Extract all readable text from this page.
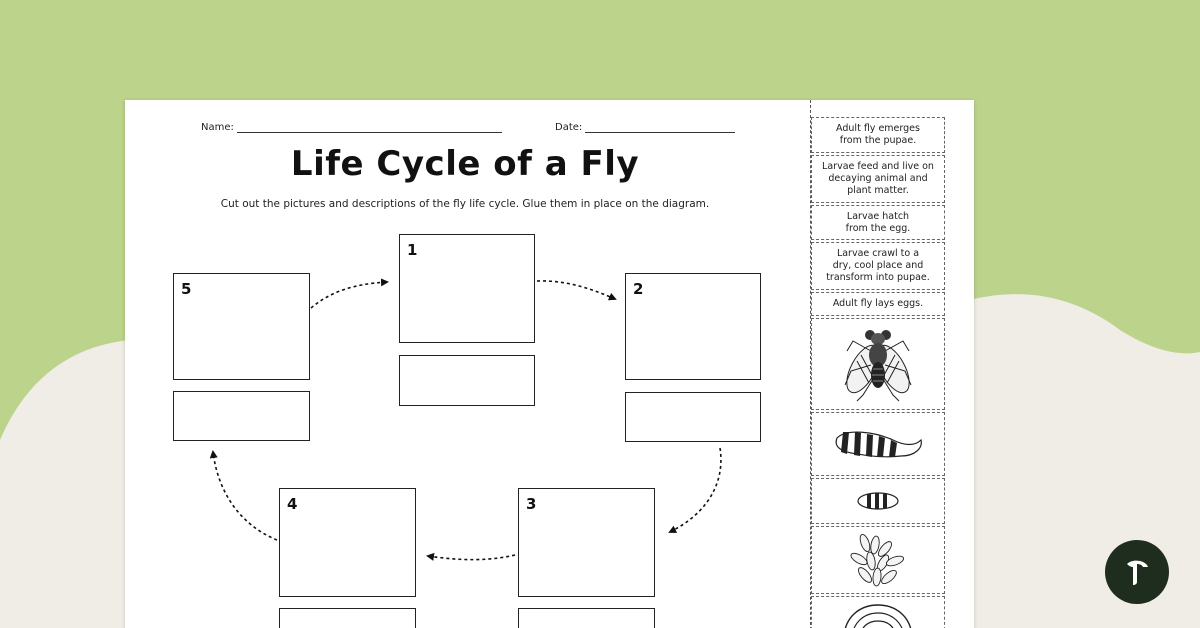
Name:	Date:
Life Cycle of a Fly
Cut out the pictures and descriptions of the fly life cycle. Glue them in place on the diagram.
1
2
3
4
5
Adult fly emerges
from the pupae.
Larvae feed and live on
decaying animal and
plant matter.
Larvae hatch
from the egg.
Larvae crawl to a
dry, cool place and
transform into pupae.
Adult fly lays eggs.
